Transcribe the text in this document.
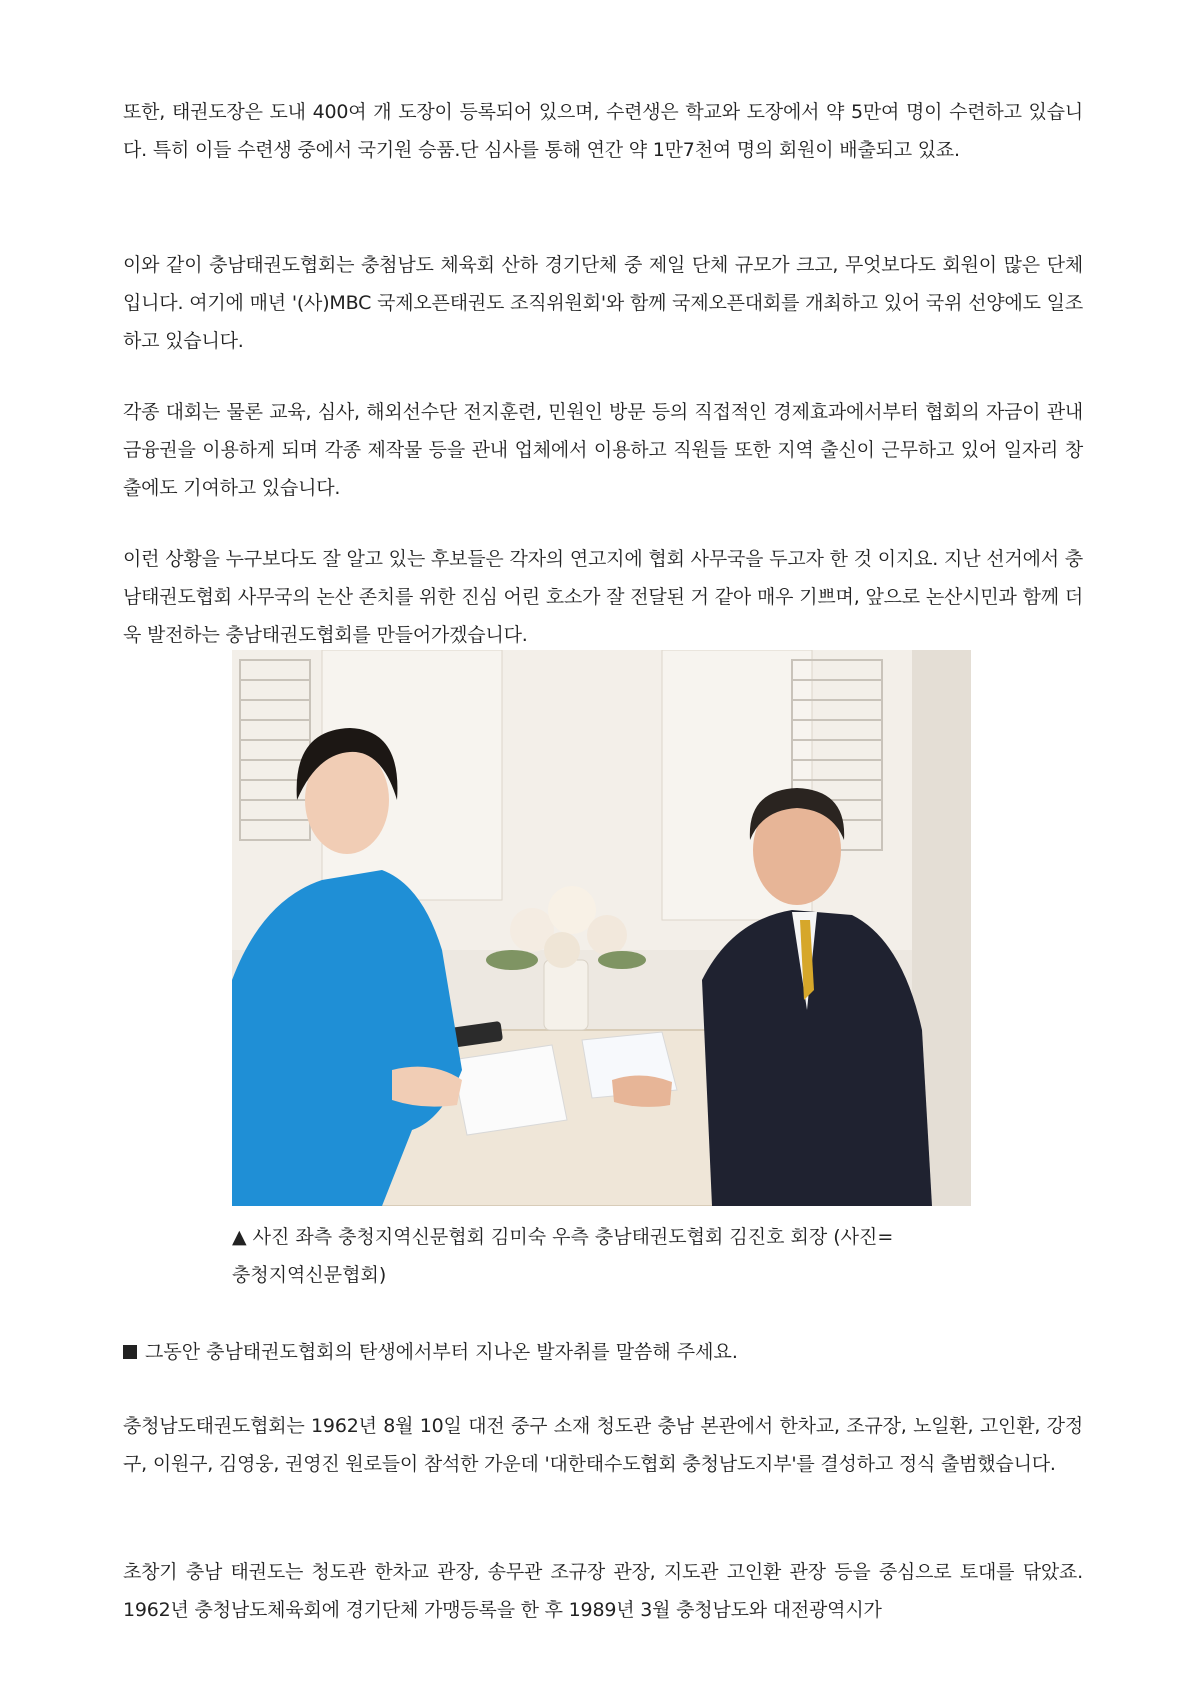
또한, 태권도장은 도내 400여 개 도장이 등록되어 있으며, 수련생은 학교와 도장에서 약 5만여 명이 수련하고 있습니다. 특히 이들 수련생 중에서 국기원 승품.단 심사를 통해 연간 약 1만7천여 명의 회원이 배출되고 있죠.

이와 같이 충남태권도협회는 충첨남도 체육회 산하 경기단체 중 제일 단체 규모가 크고, 무엇보다도 회원이 많은 단체입니다. 여기에 매년 '(사)MBC 국제오픈태권도 조직위원회'와 함께 국제오픈대회를 개최하고 있어 국위 선양에도 일조하고 있습니다.

각종 대회는 물론 교육, 심사, 해외선수단 전지훈련, 민원인 방문 등의 직접적인 경제효과에서부터 협회의 자금이 관내 금융권을 이용하게 되며 각종 제작물 등을 관내 업체에서 이용하고 직원들 또한 지역 출신이 근무하고 있어 일자리 창출에도 기여하고 있습니다.

이런 상황을 누구보다도 잘 알고 있는 후보들은 각자의 연고지에 협회 사무국을 두고자 한 것 이지요. 지난 선거에서 충남태권도협회 사무국의 논산 존치를 위한 진심 어린 호소가 잘 전달된 거 같아 매우 기쁘며, 앞으로 논산시민과 함께 더욱 발전하는 충남태권도협회를 만들어가겠습니다.

▲ 사진 좌측 충청지역신문협회 김미숙 우측 충남태권도협회 김진호 회장 (사진=
충청지역신문협회)

그동안 충남태권도협회의 탄생에서부터 지나온 발자취를 말씀해 주세요.

충청남도태권도협회는 1962년 8월 10일 대전 중구 소재 청도관 충남 본관에서 한차교, 조규장, 노일환, 고인환, 강정구, 이원구, 김영웅, 권영진 원로들이 참석한 가운데 '대한태수도협회 충청남도지부'를 결성하고 정식 출범했습니다.

초창기 충남 태권도는 청도관 한차교 관장, 송무관 조규장 관장, 지도관 고인환 관장 등을 중심으로 토대를 닦았죠. 1962년 충청남도체육회에 경기단체 가맹등록을 한 후 1989년 3월 충청남도와 대전광역시가
